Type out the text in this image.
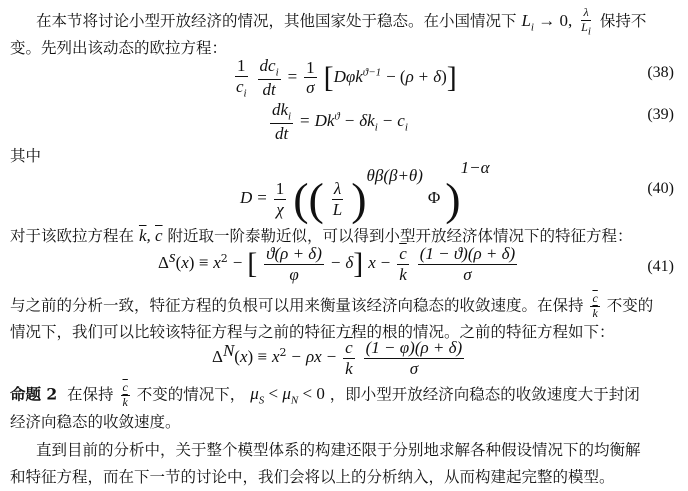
在本节将讨论小型开放经济的情况，其他国家处于稳态。在小国情况下 $L_i \to 0$, $\frac{\lambda}{L_i}$ 保持不
变。先列出该动态的欧拉方程：
$\frac{1}{c_i}$
$\frac{dc_i}{dt} = \frac{1}{\sigma} [D\varphi k^{ϑ-1} - (\rho + \delta)]$	(38)
$\frac{dk_i}{dt} = Dk^ϑ - \delta k_i - c_i$
(39)
其中
$D = \frac{1}{\chi}$ (( $\frac{\lambda}{L} )^{\theta\beta(\beta+\theta)}$ Φ )$^{1-\alpha}$
(40)
对于该欧拉方程在 $\overline{k}$, $\overline{c}$ 附近取一阶泰勒近似，可以得到小型开放经济体情况下的特征方程：
$\Delta^s(x) \equiv x^2$ − [ $\frac{ϑ(\rho + \delta)}{\varphi} - \delta$] $x - \frac{\overline{c}}{k}$
$\frac{(1 - ϑ)(\rho + \delta)}{\sigma}$	(41)
与之前的分析一致，特征方程的负根可以用来衡量该经济向稳态的收敛速度。在保持 $\frac{\overline{c}}{k}$ 不变的
情况下，我们可以比较该特征方程与之前的特征方程的根的情况。之前的特征方程如下：
$\Delta^N(x) \equiv x^2 - \rho x - \frac{\overline{c}}{k}$
$\frac{(1 - \varphi)(\rho + \delta)}{\sigma}$
命题 2 在保持 $\frac{\overline{c}}{k}$ 不变的情况下， $\mu_S < \mu_N < 0$ ，即小型开放经济向稳态的收敛速度大于封闭
经济向稳态的收敛速度。
直到目前的分析中，关于整个模型体系的构建还限于分别地求解各种假设情况下的均衡解
和特征方程，而在下一节的讨论中，我们会将以上的分析纳入，从而构建起完整的模型。
